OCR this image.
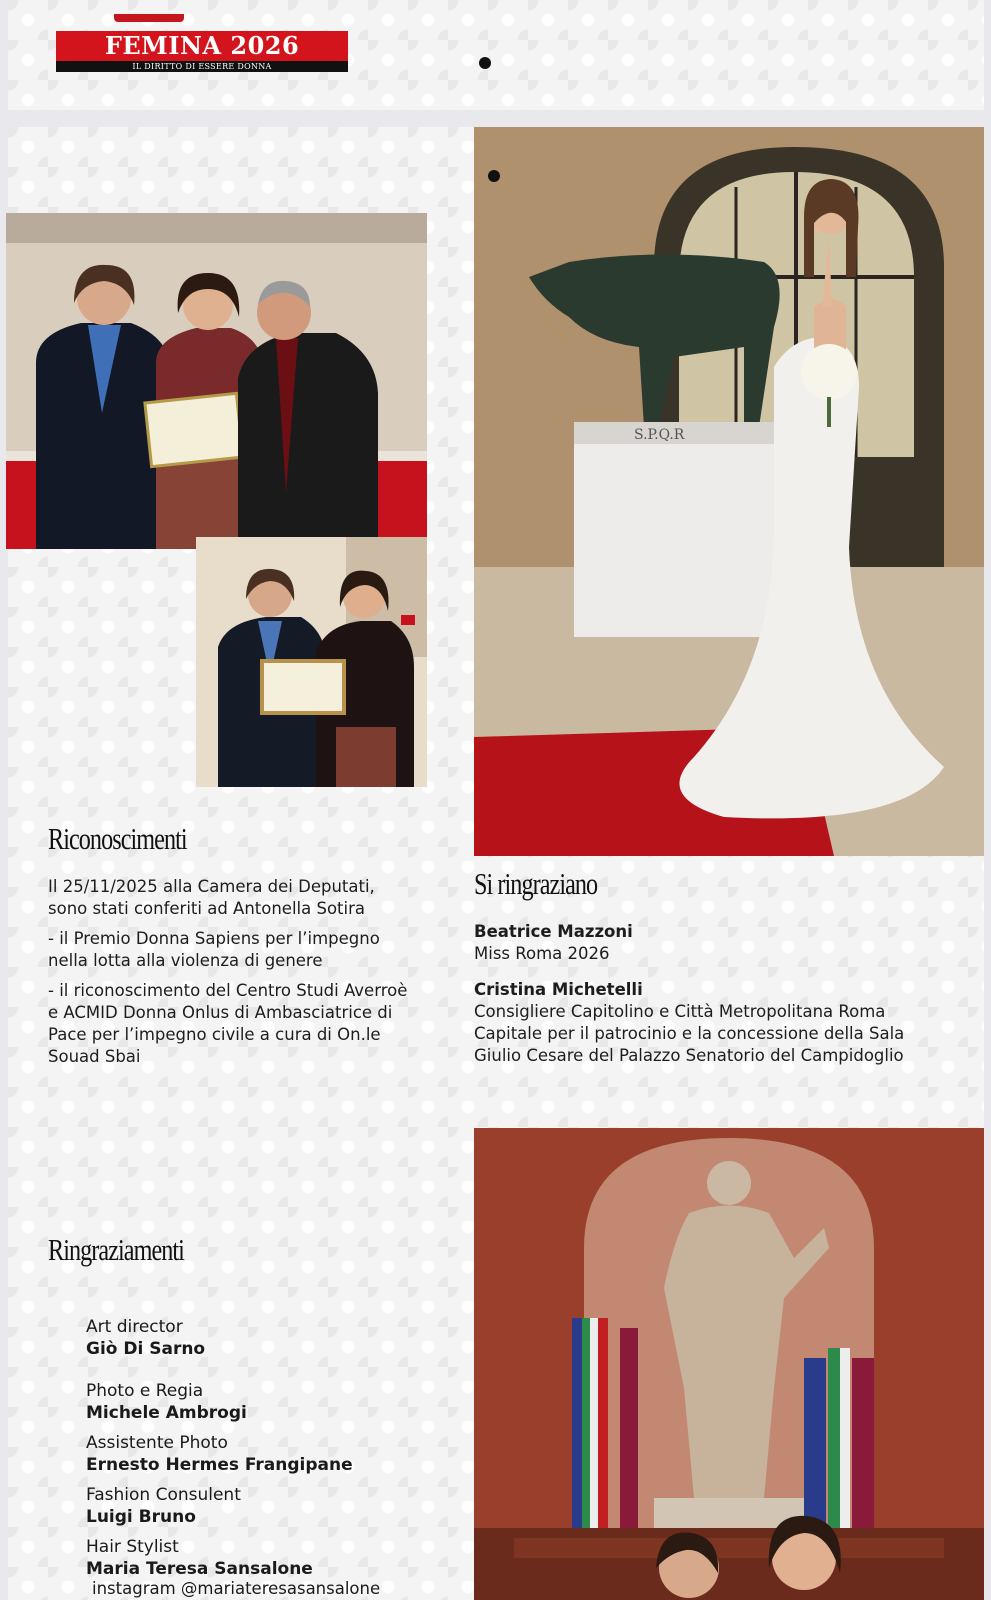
FEMINA 2026
IL DIRITTO DI ESSERE DONNA
S.P.Q.R
Riconoscimenti

Il 25/11/2025 alla Camera dei Deputati, sono stati conferiti ad Antonella Sotira

- il Premio Donna Sapiens per l’impegno nella lotta alla violenza di genere

- il riconoscimento del Centro Studi Averroè e ACMID Donna Onlus di Ambasciatrice di Pace per l’impegno civile a cura di On.le Souad Sbai

Si ringraziano
Beatrice Mazzoni
Miss Roma 2026
Cristina Michetelli
Consigliere Capitolino e Città Metropolitana Roma Capitale per il patrocinio e la concessione della Sala Giulio Cesare del Palazzo Senatorio del Campidoglio
Ringraziamenti
Art director
Giò Di Sarno
Photo e Regia
Michele Ambrogi
Assistente Photo
Ernesto Hermes Frangipane
Fashion Consulent
Luigi Bruno
Hair Stylist
Maria Teresa Sansalone
instagram @mariateresasansalone
